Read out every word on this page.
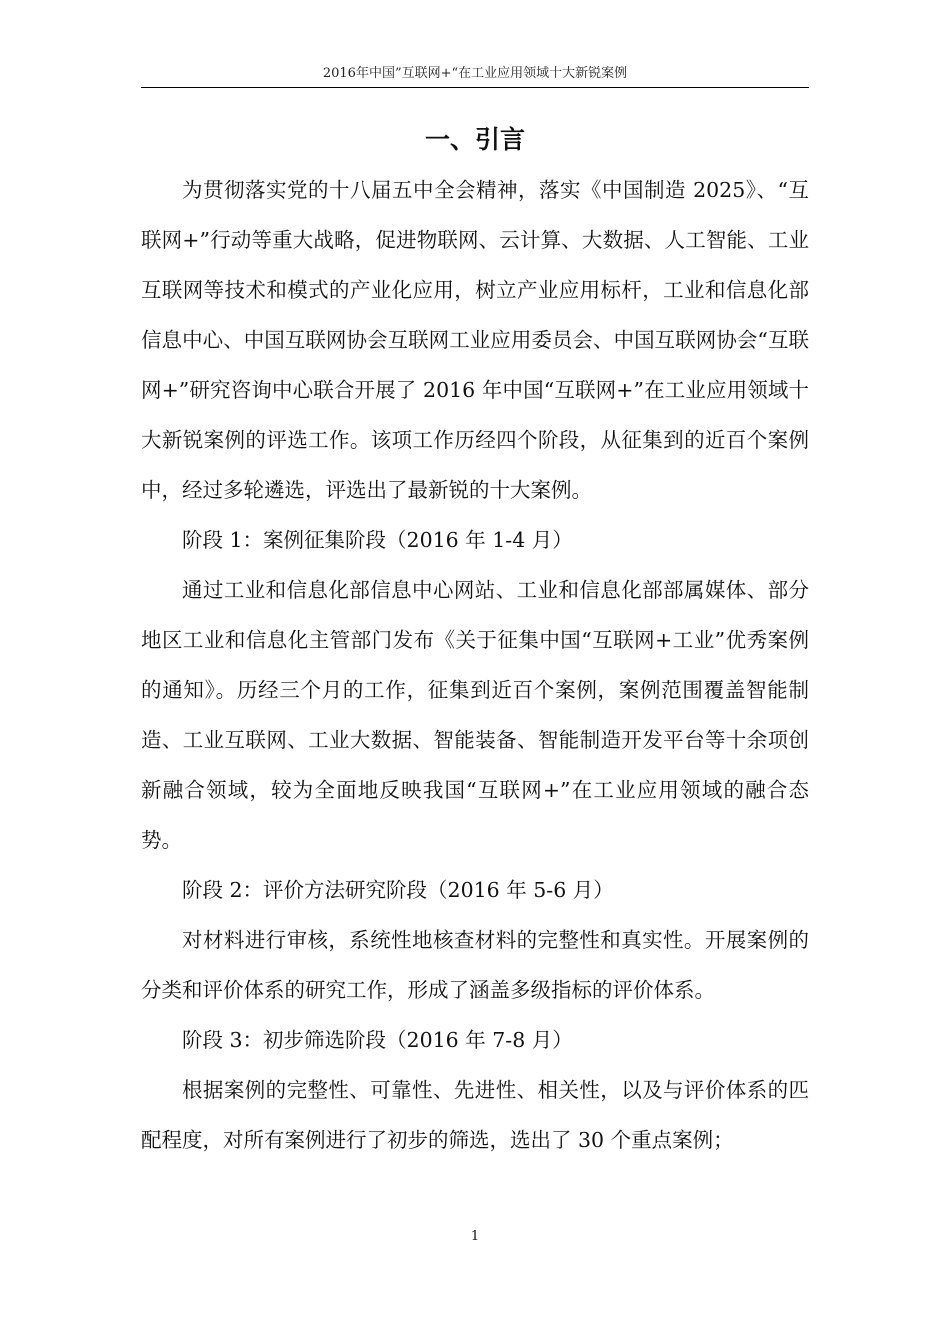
2016年中国”互联网+“在工业应用领域十大新锐案例
一、引言

为贯彻落实党的十八届五中全会精神，落实《中国制造 2025》、“互联网+”行动等重大战略，促进物联网、云计算、大数据、人工智能、工业互联网等技术和模式的产业化应用，树立产业应用标杆，工业和信息化部信息中心、中国互联网协会互联网工业应用委员会、中国互联网协会“互联网+”研究咨询中心联合开展了 2016 年中国“互联网+”在工业应用领域十大新锐案例的评选工作。该项工作历经四个阶段，从征集到的近百个案例中，经过多轮遴选，评选出了最新锐的十大案例。

阶段 1：案例征集阶段（2016 年 1-4 月）

通过工业和信息化部信息中心网站、工业和信息化部部属媒体、部分地区工业和信息化主管部门发布《关于征集中国“互联网+工业”优秀案例的通知》。历经三个月的工作，征集到近百个案例，案例范围覆盖智能制造、工业互联网、工业大数据、智能装备、智能制造开发平台等十余项创新融合领域，较为全面地反映我国“互联网+”在工业应用领域的融合态势。

阶段 2：评价方法研究阶段（2016 年 5-6 月）

对材料进行审核，系统性地核查材料的完整性和真实性。开展案例的分类和评价体系的研究工作，形成了涵盖多级指标的评价体系。

阶段 3：初步筛选阶段（2016 年 7-8 月）

根据案例的完整性、可靠性、先进性、相关性，以及与评价体系的匹配程度，对所有案例进行了初步的筛选，选出了 30 个重点案例；

1
